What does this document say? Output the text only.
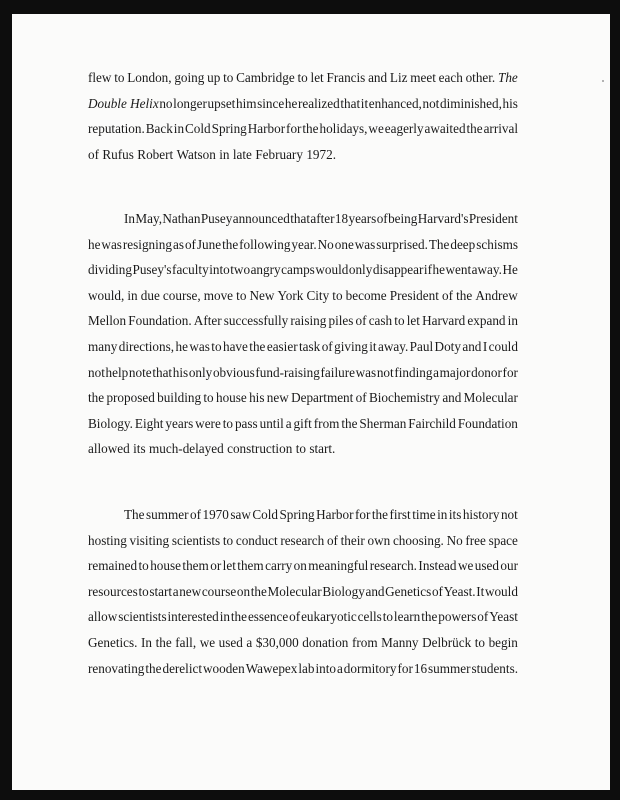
flew to London, going up to Cambridge to let Francis and Liz meet each other. The
Double Helix no longer upset him since he realized that it enhanced, not diminished, his
reputation. Back in Cold Spring Harbor for the holidays, we eagerly awaited the arrival
of Rufus Robert Watson in late February 1972.
In May, Nathan Pusey announced that after 18 years of being Harvard's President
he was resigning as of June the following year. No one was surprised. The deep schisms
dividing Pusey's faculty into two angry camps would only disappear if he went away. He
would, in due course, move to New York City to become President of the Andrew
Mellon Foundation. After successfully raising piles of cash to let Harvard expand in
many directions, he was to have the easier task of giving it away. Paul Doty and I could
not help note that his only obvious fund-raising failure was not finding a major donor for
the proposed building to house his new Department of Biochemistry and Molecular
Biology. Eight years were to pass until a gift from the Sherman Fairchild Foundation
allowed its much-delayed construction to start.
The summer of 1970 saw Cold Spring Harbor for the first time in its history not
hosting visiting scientists to conduct research of their own choosing. No free space
remained to house them or let them carry on meaningful research. Instead we used our
resources to start a new course on the Molecular Biology and Genetics of Yeast. It would
allow scientists interested in the essence of eukaryotic cells to learn the powers of Yeast
Genetics. In the fall, we used a $30,000 donation from Manny Delbrück to begin
renovating the derelict wooden Wawepex lab into a dormitory for 16 summer students.
